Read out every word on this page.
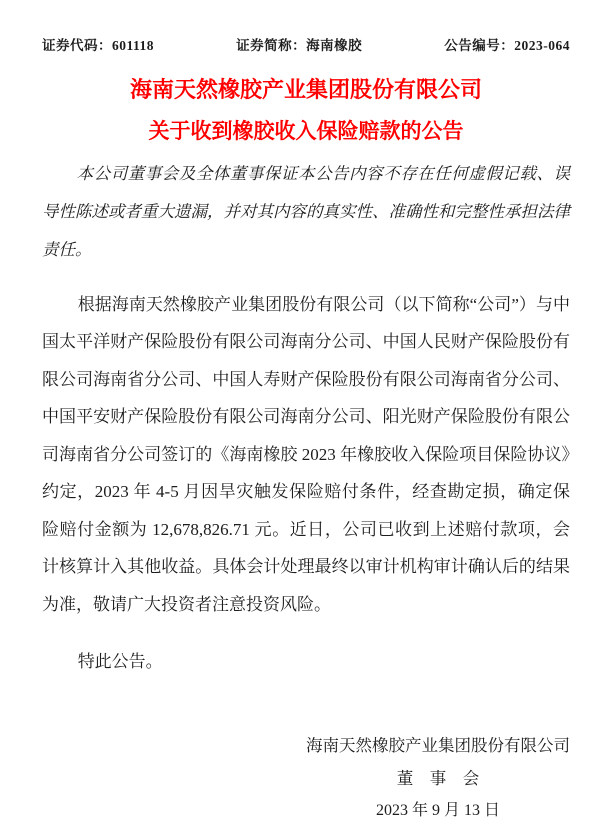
证券代码：601118	证券简称：海南橡胶	公告编号：2023-064
海南天然橡胶产业集团股份有限公司
关于收到橡胶收入保险赔款的公告

本公司董事会及全体董事保证本公告内容不存在任何虚假记载、误导性陈述或者重大遗漏，并对其内容的真实性、准确性和完整性承担法律责任。

根据海南天然橡胶产业集团股份有限公司（以下简称“公司”）与中国太平洋财产保险股份有限公司海南分公司、中国人民财产保险股份有限公司海南省分公司、中国人寿财产保险股份有限公司海南省分公司、中国平安财产保险股份有限公司海南分公司、阳光财产保险股份有限公司海南省分公司签订的《海南橡胶 2023 年橡胶收入保险项目保险协议》约定，2023 年 4-5 月因旱灾触发保险赔付条件，经查勘定损，确定保险赔付金额为 12,678,826.71 元。近日，公司已收到上述赔付款项，会计核算计入其他收益。具体会计处理最终以审计机构审计确认后的结果为准，敬请广大投资者注意投资风险。

特此公告。

海南天然橡胶产业集团股份有限公司
董　事　会
2023 年 9 月 13 日
